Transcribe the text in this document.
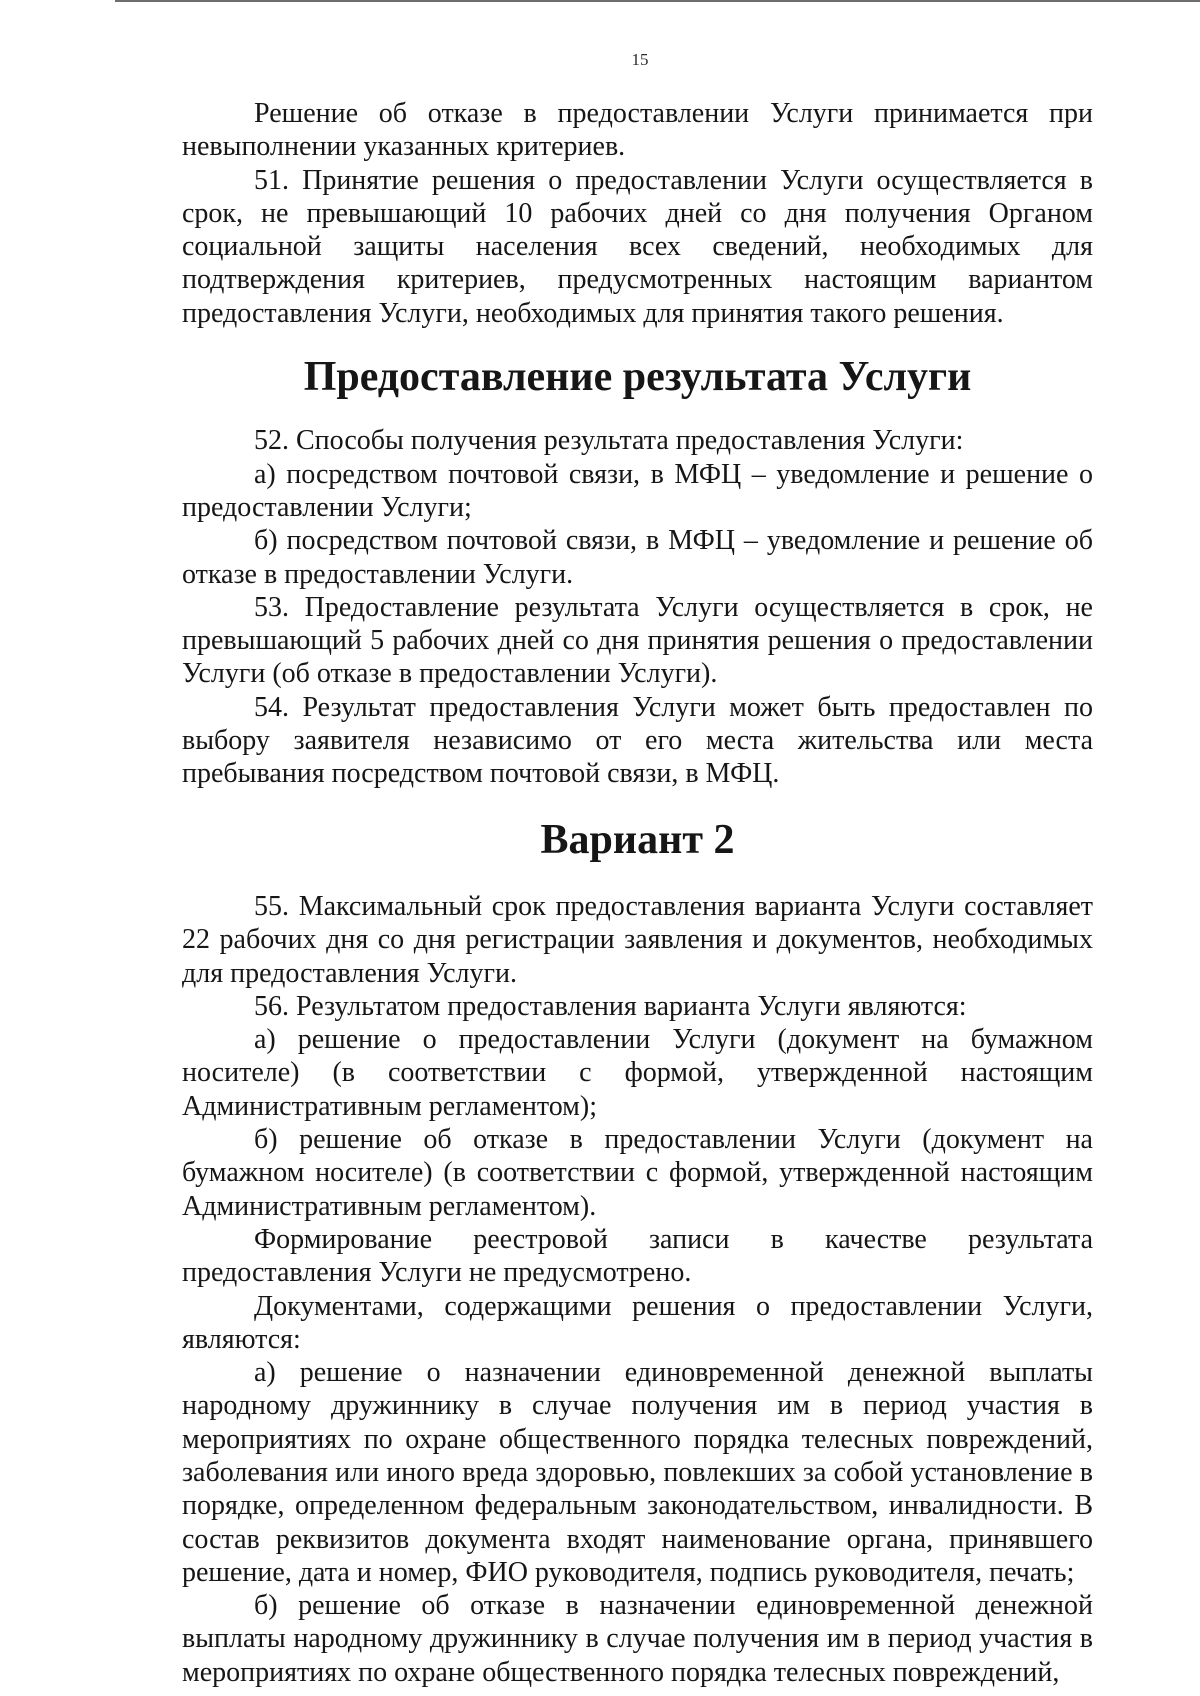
15

Решение об отказе в предоставлении Услуги принимается при невыполнении указанных критериев.

51. Принятие решения о предоставлении Услуги осуществляется в срок, не превышающий 10 рабочих дней со дня получения Органом социальной защиты населения всех сведений, необходимых для подтверждения критериев, предусмотренных настоящим вариантом предоставления Услуги, необходимых для принятия такого решения.

Предоставление результата Услуги

52. Способы получения результата предоставления Услуги:

а) посредством почтовой связи, в МФЦ – уведомление и решение о предоставлении Услуги;

б) посредством почтовой связи, в МФЦ – уведомление и решение об отказе в предоставлении Услуги.

53. Предоставление результата Услуги осуществляется в срок, не превышающий 5 рабочих дней со дня принятия решения о предоставлении Услуги (об отказе в предоставлении Услуги).

54. Результат предоставления Услуги может быть предоставлен по выбору заявителя независимо от его места жительства или места пребывания посредством почтовой связи, в МФЦ.

Вариант 2

55. Максимальный срок предоставления варианта Услуги составляет 22 рабочих дня со дня регистрации заявления и документов, необходимых для предоставления Услуги.

56. Результатом предоставления варианта Услуги являются:

а) решение о предоставлении Услуги (документ на бумажном носителе) (в соответствии с формой, утвержденной настоящим Административным регламентом);

б) решение об отказе в предоставлении Услуги (документ на бумажном носителе) (в соответствии с формой, утвержденной настоящим Административным регламентом).

Формирование реестровой записи в качестве результата предоставления Услуги не предусмотрено.

Документами, содержащими решения о предоставлении Услуги, являются:

а) решение о назначении единовременной денежной выплаты народному дружиннику в случае получения им в период участия в мероприятиях по охране общественного порядка телесных повреждений, заболевания или иного вреда здоровью, повлекших за собой установление в порядке, определенном федеральным законодательством, инвалидности. В состав реквизитов документа входят наименование органа, принявшего решение, дата и номер, ФИО руководителя, подпись руководителя, печать;

б) решение об отказе в назначении единовременной денежной выплаты народному дружиннику в случае получения им в период участия в мероприятиях по охране общественного порядка телесных повреждений,
